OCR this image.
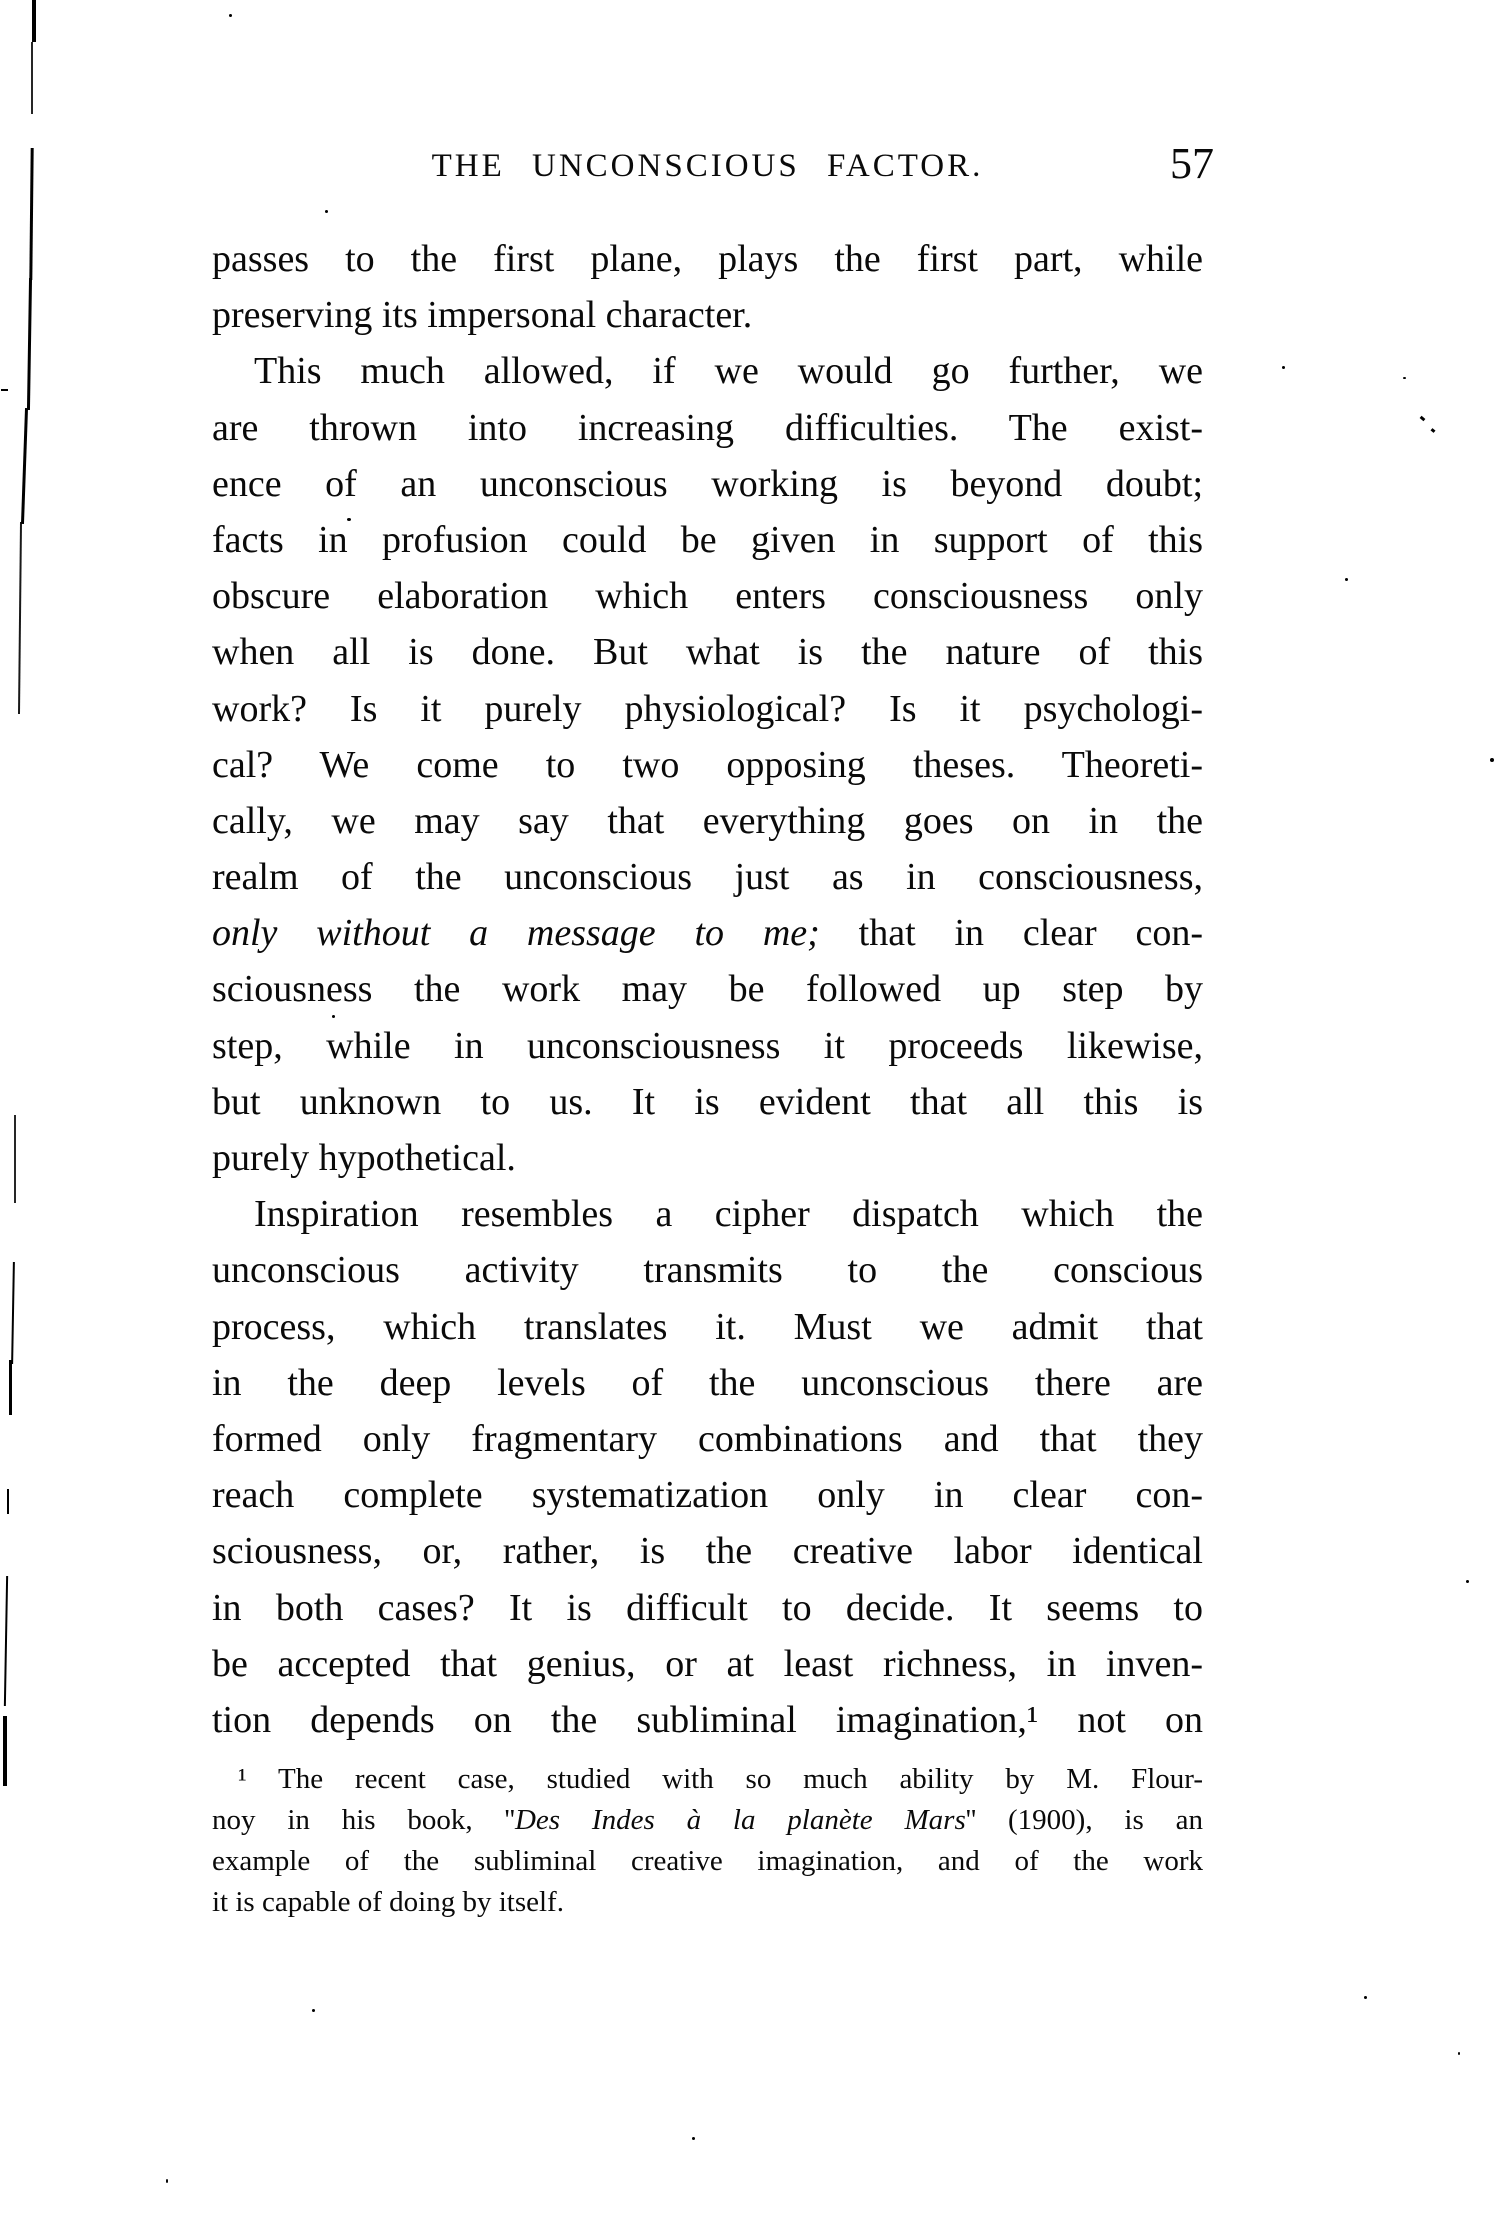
THE UNCONSCIOUS FACTOR.	57
passes to the first plane, plays the first part, while
preserving its impersonal character.
This much allowed, if we would go further, we
are thrown into increasing difficulties. The exist-
ence of an unconscious working is beyond doubt;
facts in profusion could be given in support of this
obscure elaboration which enters consciousness only
when all is done. But what is the nature of this
work? Is it purely physiological? Is it psychologi-
cal? We come to two opposing theses. Theoreti-
cally, we may say that everything goes on in the
realm of the unconscious just as in consciousness,
only without a message to me; that in clear con-
sciousness the work may be followed up step by
step, while in unconsciousness it proceeds likewise,
but unknown to us. It is evident that all this is
purely hypothetical.
Inspiration resembles a cipher dispatch which the
unconscious activity transmits to the conscious
process, which translates it. Must we admit that
in the deep levels of the unconscious there are
formed only fragmentary combinations and that they
reach complete systematization only in clear con-
sciousness, or, rather, is the creative labor identical
in both cases? It is difficult to decide. It seems to
be accepted that genius, or at least richness, in inven-
tion depends on the subliminal imagination,¹ not on
¹ The recent case, studied with so much ability by M. Flour-
noy in his book, ''Des Indes à la planète Mars'' (1900), is an
example of the subliminal creative imagination, and of the work
it is capable of doing by itself.
